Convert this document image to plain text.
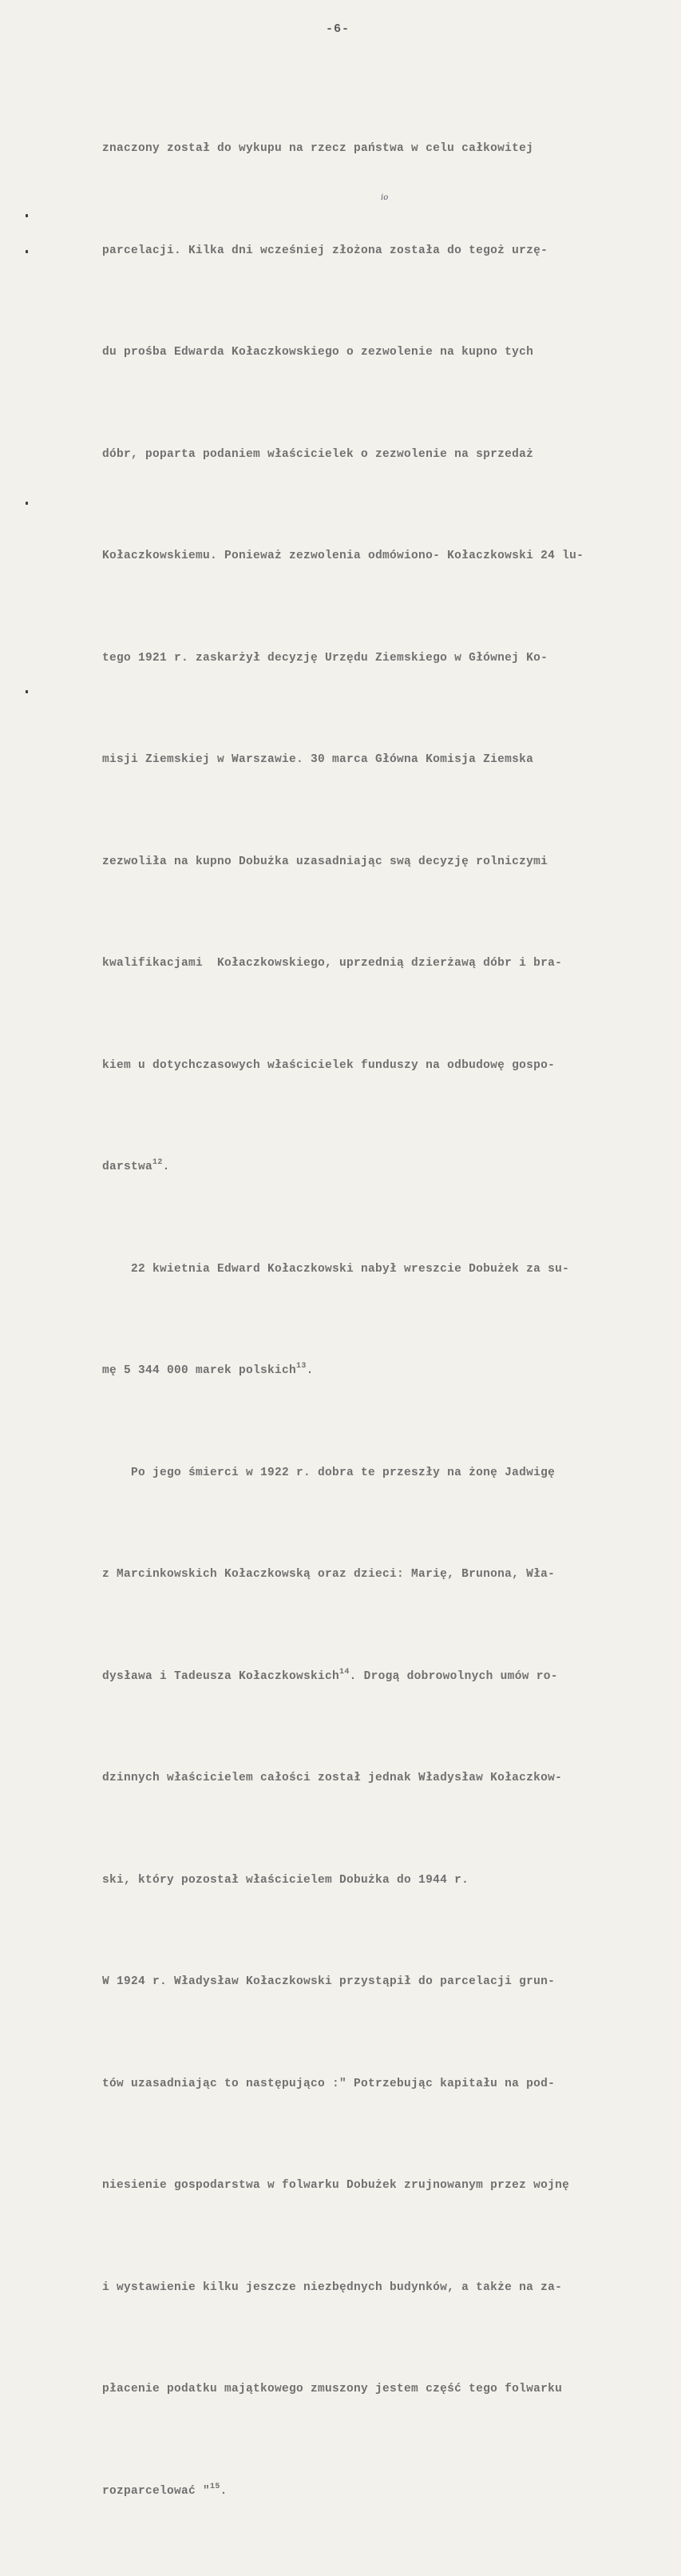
-6-
io

znaczony został do wykupu na rzecz państwa w celu całkowitej

parcelacji. Kilka dni wcześniej złożona została do tegoż urzę-

du prośba Edwarda Kołaczkowskiego o zezwolenie na kupno tych

dóbr, poparta podaniem właścicielek o zezwolenie na sprzedaż

Kołaczkowskiemu. Ponieważ zezwolenia odmówiono- Kołaczkowski 24 lu-

tego 1921 r. zaskarżył decyzję Urzędu Ziemskiego w Głównej Ko-

misji Ziemskiej w Warszawie. 30 marca Główna Komisja Ziemska

zezwoliła na kupno Dobużka uzasadniając swą decyzję rolniczymi

kwalifikacjami  Kołaczkowskiego, uprzednią dzierżawą dóbr i bra-

kiem u dotychczasowych właścicielek funduszy na odbudowę gospo-

darstwa$^{12}$.

22 kwietnia Edward Kołaczkowski nabył wreszcie Dobużek za su-

mę 5 344 000 marek polskich$^{13}$.

Po jego śmierci w 1922 r. dobra te przeszły na żonę Jadwigę

z Marcinkowskich Kołaczkowską oraz dzieci: Marię, Brunona, Wła-

dysława i Tadeusza Kołaczkowskich$^{14}$. Drogą dobrowolnych umów ro-

dzinnych właścicielem całości został jednak Władysław Kołaczkow-

ski, który pozostał właścicielem Dobużka do 1944 r.

W 1924 r. Władysław Kołaczkowski przystąpił do parcelacji grun-

tów uzasadniając to następująco :" Potrzebując kapitału na pod-

niesienie gospodarstwa w folwarku Dobużek zrujnowanym przez wojnę

i wystawienie kilku jeszcze niezbędnych budynków, a także na za-

płacenie podatku majątkowego zmuszony jestem część tego folwarku

rozparcelować "$^{15}$.
